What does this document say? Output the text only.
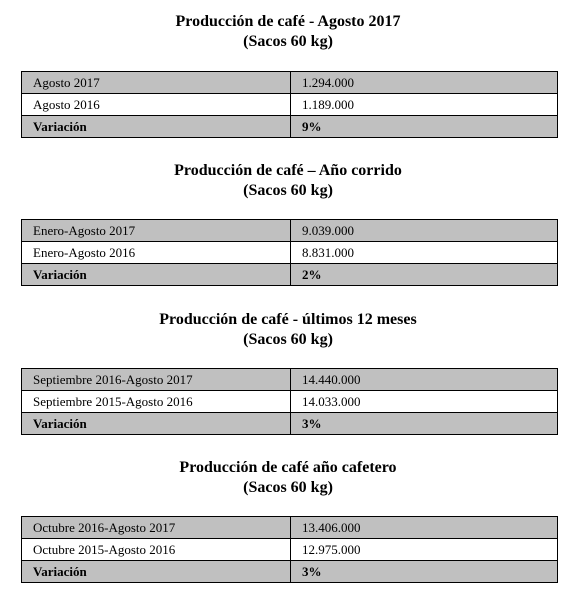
Producción de café - Agosto 2017
(Sacos 60 kg)
Agosto 2017	1.294.000
Agosto 2016	1.189.000
Variación	9%
Producción de café – Año corrido
(Sacos 60 kg)
Enero-Agosto 2017	9.039.000
Enero-Agosto 2016	8.831.000
Variación	2%
Producción de café - últimos 12 meses
(Sacos 60 kg)
Septiembre 2016-Agosto 2017	14.440.000
Septiembre 2015-Agosto 2016	14.033.000
Variación	3%
Producción de café año cafetero
(Sacos 60 kg)
Octubre 2016-Agosto 2017	13.406.000
Octubre 2015-Agosto 2016	12.975.000
Variación	3%
